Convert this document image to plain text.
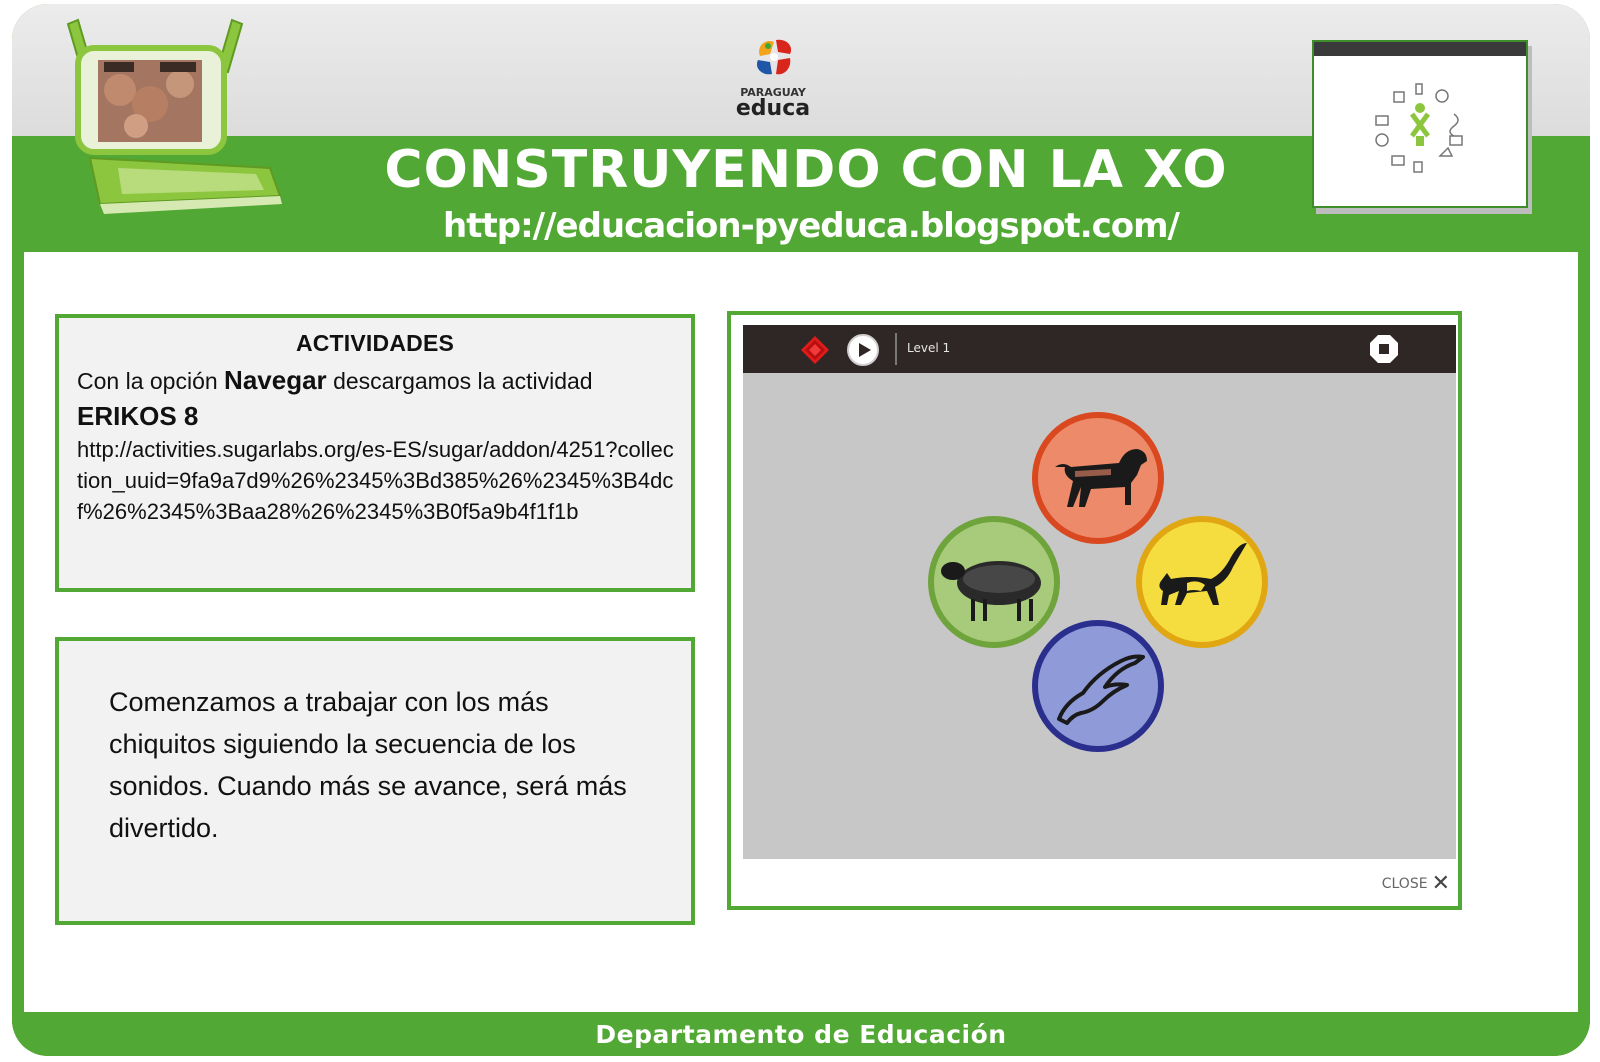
Departamento de Educación
PARAGUAY
educa
CONSTRUYENDO CON LA XO
http://educacion-pyeduca.blogspot.com/
ACTIVIDADES
Con la opción Navegar descargamos la actividad
ERIKOS 8
http://activities.sugarlabs.org/es-ES/sugar/addon/4251?collection_uuid=9fa9a7d9%26%2345%3Bd385%26%2345%3B4dcf%26%2345%3Baa28%26%2345%3B0f5a9b4f1f1b
Comenzamos a trabajar con los más chiquitos siguiendo la secuencia de los sonidos. Cuando más se avance, será más divertido.
Level 1
CLOSE ✕
